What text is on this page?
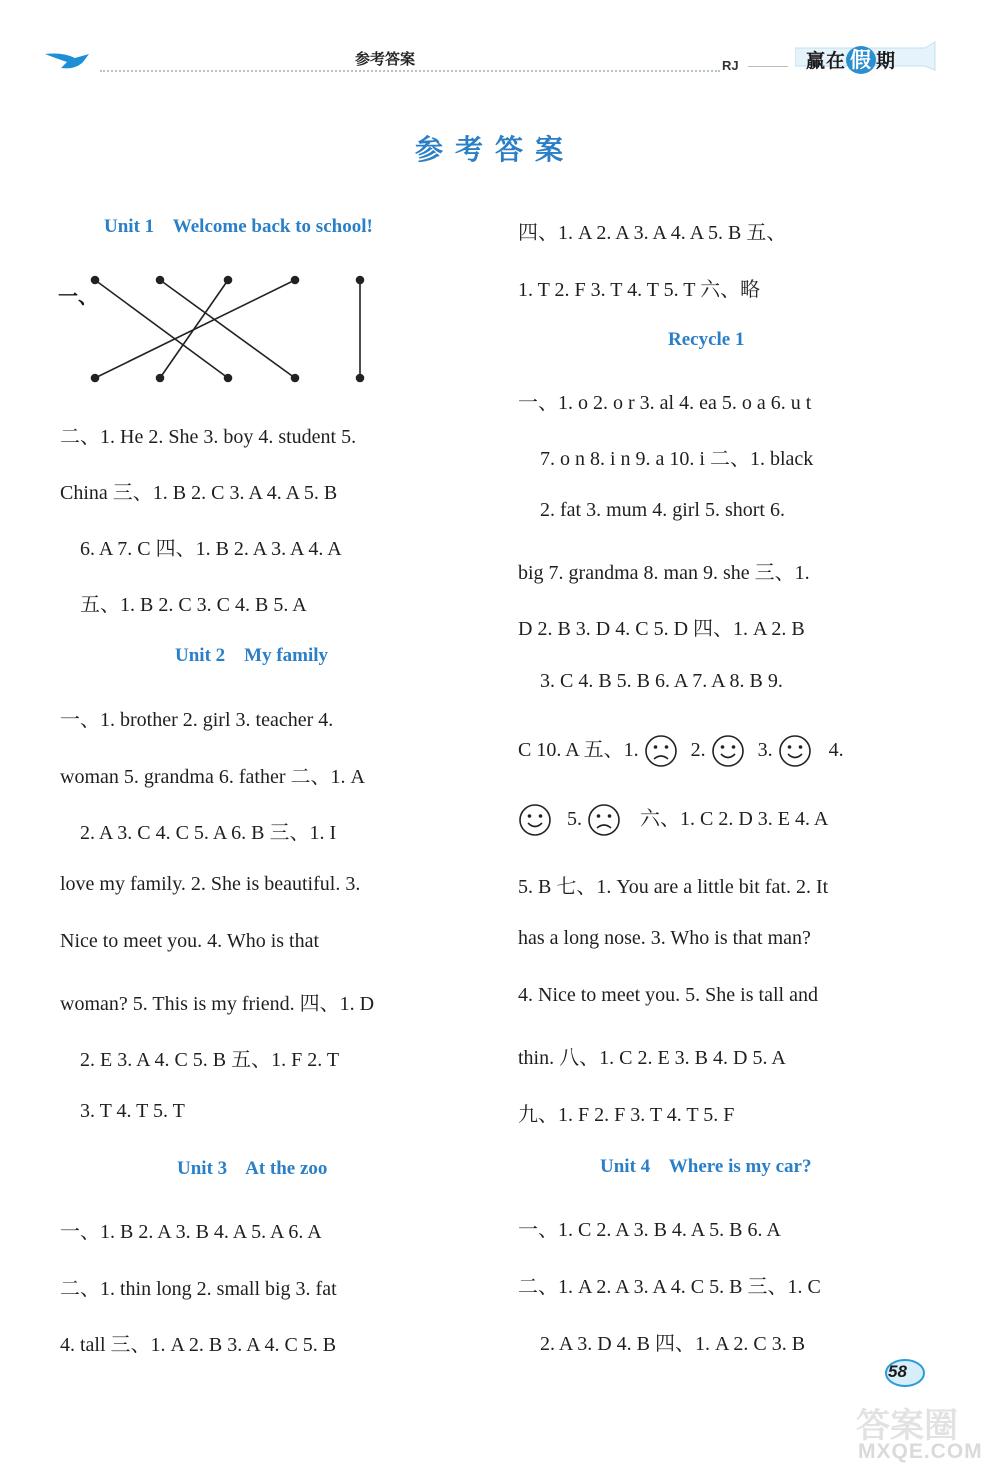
参考答案	RJ	赢在 假 期
参考答案
Unit 1    Welcome back to school!
一、
二、1. He 2. She 3. boy 4. student 5.
China 三、1. B 2. C 3. A 4. A 5. B
6. A 7. C 四、1. B 2. A 3. A 4. A
五、1. B 2. C 3. C 4. B 5. A
Unit 2    My family
一、1. brother 2. girl 3. teacher 4.
woman 5. grandma 6. father 二、1. A
2. A 3. C 4. C 5. A 6. B 三、1. I
love my family. 2. She is beautiful. 3.
Nice to meet you. 4. Who is that
woman? 5. This is my friend. 四、1. D
2. E 3. A 4. C 5. B 五、1. F 2. T
3. T 4. T 5. T
Unit 3    At the zoo
一、1. B 2. A 3. B 4. A 5. A 6. A
二、1. thin long 2. small big 3. fat
4. tall 三、1. A 2. B 3. A 4. C 5. B
四、1. A 2. A 3. A 4. A 5. B 五、
1. T 2. F 3. T 4. T 5. T 六、略
Recycle 1
一、1. o 2. o r 3. al 4. ea 5. o a 6. u t
7. o n 8. i n 9. a 10. i 二、1. black
2. fat 3. mum 4. girl 5. short 6.
big 7. grandma 8. man 9. she 三、1.
D 2. B 3. D 4. C 5. D 四、1. A 2. B
3. C 4. B 5. B 6. A 7. A 8. B 9.
C 10. A 五、1.	2.	3.	4.
5.	六、1. C 2. D 3. E 4. A
5. B 七、1. You are a little bit fat. 2. It
has a long nose. 3. Who is that man?
4. Nice to meet you. 5. She is tall and
thin. 八、1. C 2. E 3. B 4. D 5. A
九、1. F 2. F 3. T 4. T 5. F
Unit 4    Where is my car?
一、1. C 2. A 3. B 4. A 5. B 6. A
二、1. A 2. A 3. A 4. C 5. B 三、1. C
2. A 3. D 4. B 四、1. A 2. C 3. B
58
答案圈
MXQE.COM
